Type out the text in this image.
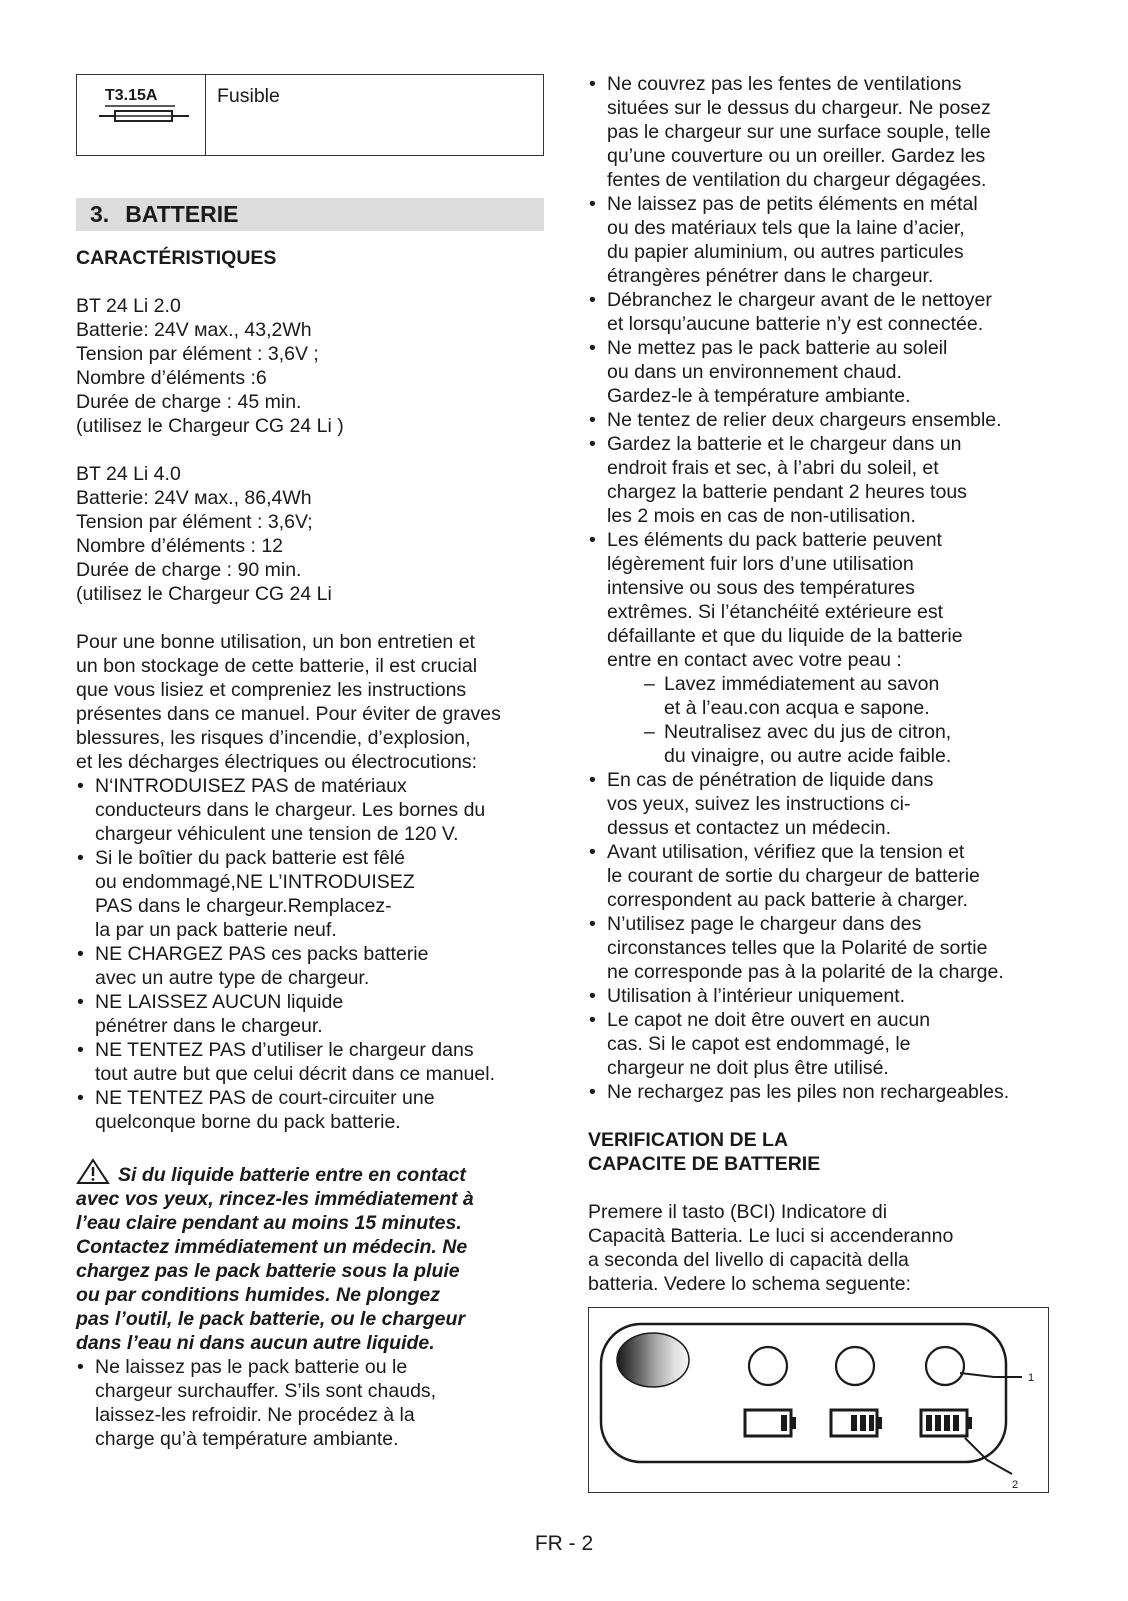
T3.15A	Fusible
3. BATTERIE
CARACTÉRISTIQUES

BT 24 Li 2.0

Batterie: 24V мax., 43,2Wh

Tension par élément : 3,6V ;

Nombre d’éléments :6

Durée de charge : 45 min.

(utilisez le Chargeur CG 24 Li )

BT 24 Li 4.0

Batterie: 24V мax., 86,4Wh

Tension par élément : 3,6V;

Nombre d’éléments : 12

Durée de charge : 90 min.

(utilisez le Chargeur CG 24 Li

Pour une bonne utilisation, un bon entretien et

un bon stockage de cette batterie, il est crucial

que vous lisiez et compreniez les instructions

présentes dans ce manuel. Pour éviter de graves

blessures, les risques d’incendie, d’explosion,

et les décharges électriques ou électrocutions:

• N‘INTRODUISEZ PAS de matériaux

conducteurs dans le chargeur. Les bornes du

chargeur véhiculent une tension de 120 V.

• Si le boîtier du pack batterie est fêlé

ou endommagé,NE L’INTRODUISEZ

PAS dans le chargeur.Remplacez-

la par un pack batterie neuf.

• NE CHARGEZ PAS ces packs batterie

avec un autre type de chargeur.

• NE LAISSEZ AUCUN liquide

pénétrer dans le chargeur.

• NE TENTEZ PAS d’utiliser le chargeur dans

tout autre but que celui décrit dans ce manuel.

• NE TENTEZ PAS de court-circuiter une

quelconque borne du pack batterie.

Si du liquide batterie entre en contact

avec vos yeux, rincez-les immédiatement à

l’eau claire pendant au moins 15 minutes.

Contactez immédiatement un médecin. Ne

chargez pas le pack batterie sous la pluie

ou par conditions humides. Ne plongez

pas l’outil, le pack batterie, ou le chargeur

dans l’eau ni dans aucun autre liquide.

• Ne laissez pas le pack batterie ou le

chargeur surchauffer. S’ils sont chauds,

laissez-les refroidir. Ne procédez à la

charge qu’à température ambiante.

• Ne couvrez pas les fentes de ventilations

situées sur le dessus du chargeur. Ne posez

pas le chargeur sur une surface souple, telle

qu’une couverture ou un oreiller. Gardez les

fentes de ventilation du chargeur dégagées.

• Ne laissez pas de petits éléments en métal

ou des matériaux tels que la laine d’acier,

du papier aluminium, ou autres particules

étrangères pénétrer dans le chargeur.

• Débranchez le chargeur avant de le nettoyer

et lorsqu’aucune batterie n’y est connectée.

• Ne mettez pas le pack batterie au soleil

ou dans un environnement chaud.

Gardez-le à température ambiante.

• Ne tentez de relier deux chargeurs ensemble.

• Gardez la batterie et le chargeur dans un

endroit frais et sec, à l’abri du soleil, et

chargez la batterie pendant 2 heures tous

les 2 mois en cas de non-utilisation.

• Les éléments du pack batterie peuvent

légèrement fuir lors d’une utilisation

intensive ou sous des températures

extrêmes. Si l’étanchéité extérieure est

défaillante et que du liquide de la batterie

entre en contact avec votre peau :

– Lavez immédiatement au savon

et à l’eau.con acqua e sapone.

– Neutralisez avec du jus de citron,

du vinaigre, ou autre acide faible.

• En cas de pénétration de liquide dans

vos yeux, suivez les instructions ci-

dessus et contactez un médecin.

• Avant utilisation, vérifiez que la tension et

le courant de sortie du chargeur de batterie

correspondent au pack batterie à charger.

• N’utilisez page le chargeur dans des

circonstances telles que la Polarité de sortie

ne corresponde pas à la polarité de la charge.

• Utilisation à l’intérieur uniquement.

• Le capot ne doit être ouvert en aucun

cas. Si le capot est endommagé, le

chargeur ne doit plus être utilisé.

• Ne rechargez pas les piles non rechargeables.

VERIFICATION DE LA

CAPACITE DE BATTERIE

Premere il tasto (BCI) Indicatore di

Capacità Batteria. Le luci si accenderanno

a seconda del livello di capacità della

batteria. Vedere lo schema seguente:

1
2
FR - 2
